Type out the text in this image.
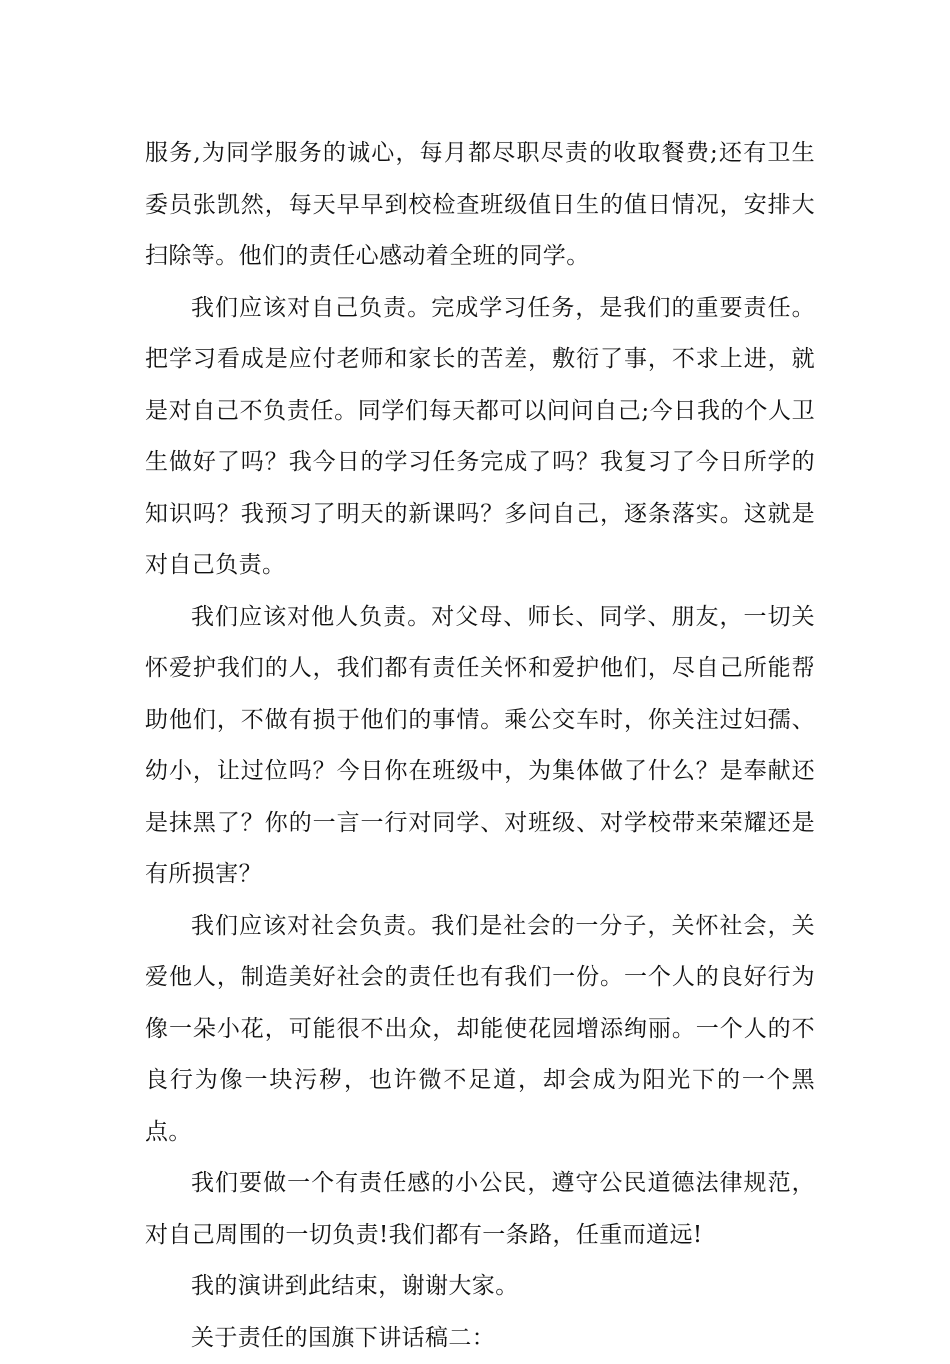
服务,为同学服务的诚心，每月都尽职尽责的收取餐费;还有卫生委员张凯然，每天早早到校检查班级值日生的值日情况，安排大扫除等。他们的责任心感动着全班的同学。

我们应该对自己负责。完成学习任务，是我们的重要责任。把学习看成是应付老师和家长的苦差，敷衍了事，不求上进，就是对自己不负责任。同学们每天都可以问问自己;今日我的个人卫生做好了吗？我今日的学习任务完成了吗？我复习了今日所学的知识吗？我预习了明天的新课吗？多问自己，逐条落实。这就是对自己负责。

我们应该对他人负责。对父母、师长、同学、朋友，一切关怀爱护我们的人，我们都有责任关怀和爱护他们，尽自己所能帮助他们，不做有损于他们的事情。乘公交车时，你关注过妇孺、幼小，让过位吗？今日你在班级中，为集体做了什么？是奉献还是抹黑了？你的一言一行对同学、对班级、对学校带来荣耀还是有所损害？

我们应该对社会负责。我们是社会的一分子，关怀社会，关爱他人，制造美好社会的责任也有我们一份。一个人的良好行为像一朵小花，可能很不出众，却能使花园增添绚丽。一个人的不良行为像一块污秽，也许微不足道，却会成为阳光下的一个黑点。

我们要做一个有责任感的小公民，遵守公民道德法律规范，对自己周围的一切负责!我们都有一条路，任重而道远!

我的演讲到此结束，谢谢大家。

关于责任的国旗下讲话稿二：
